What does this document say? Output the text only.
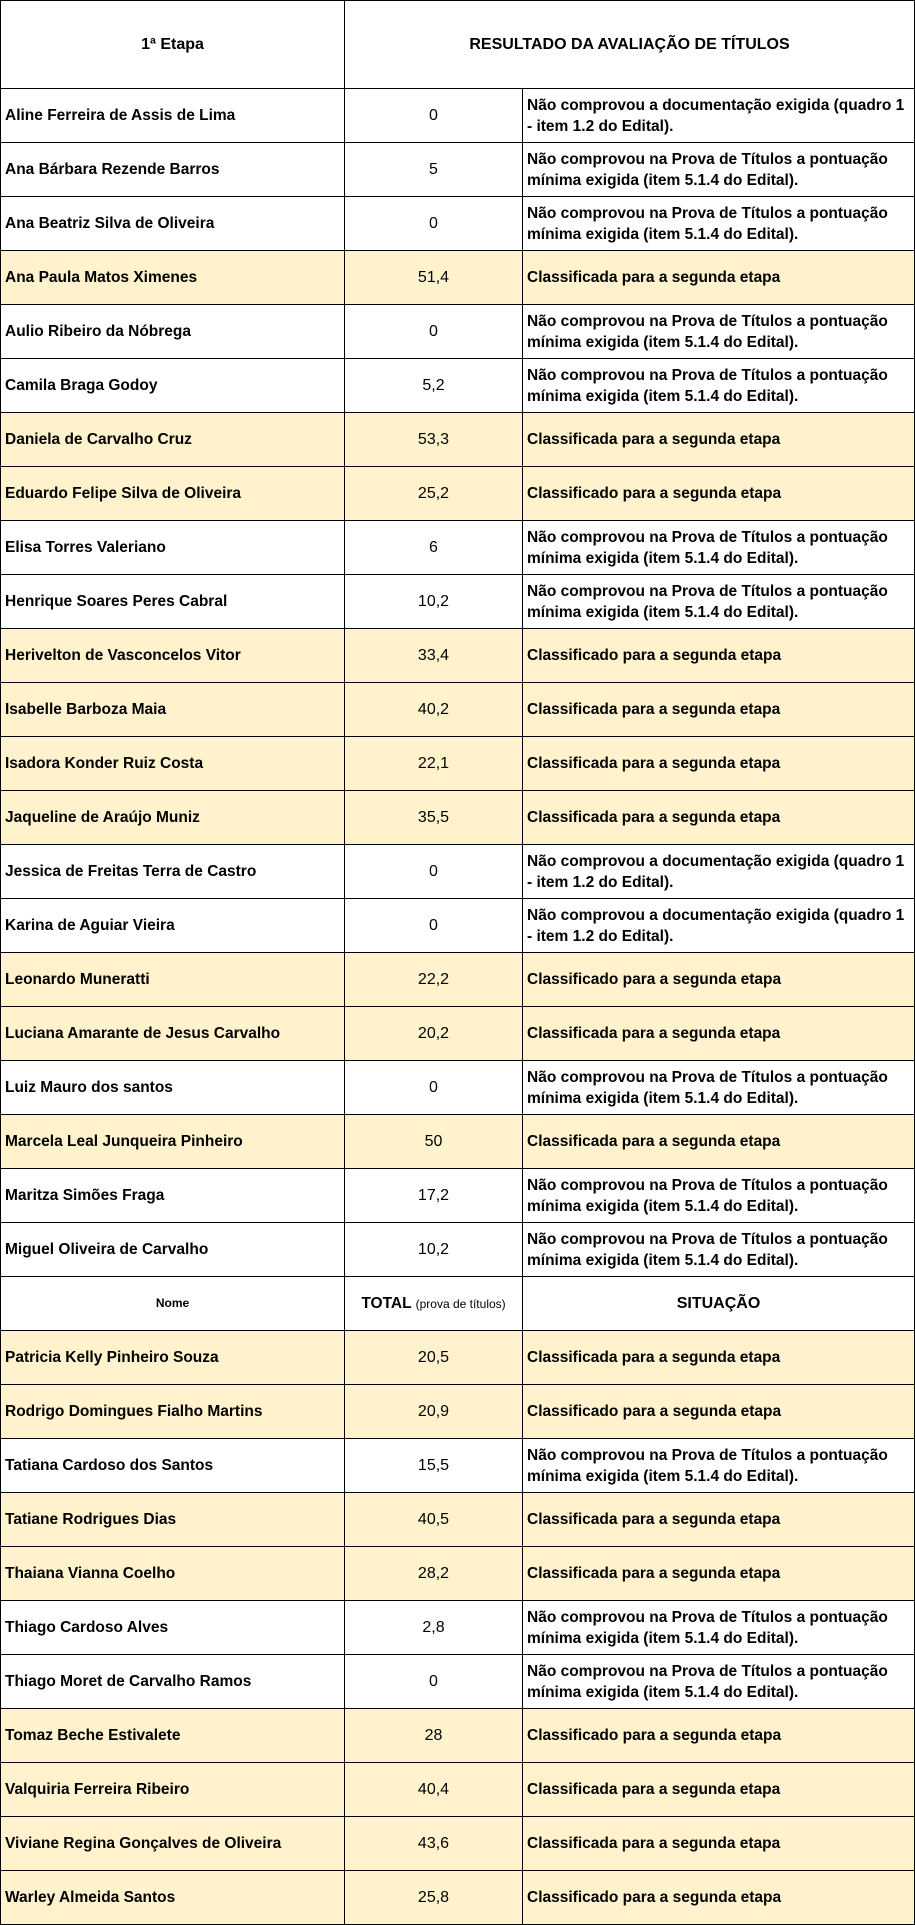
1ª Etapa	RESULTADO DA AVALIAÇÃO DE TÍTULOS	
Aline Ferreira de Assis de Lima	0	Não comprovou a documentação exigida (quadro 1 - item 1.2 do Edital).
Ana Bárbara Rezende Barros	5	Não comprovou na Prova de Títulos a pontuação mínima exigida (item 5.1.4 do Edital).
Ana Beatriz Silva de Oliveira	0	Não comprovou na Prova de Títulos a pontuação mínima exigida (item 5.1.4 do Edital).
Ana Paula Matos Ximenes	51,4	Classificada para a segunda etapa
Aulio Ribeiro da Nóbrega	0	Não comprovou na Prova de Títulos a pontuação mínima exigida (item 5.1.4 do Edital).
Camila Braga Godoy	5,2	Não comprovou na Prova de Títulos a pontuação mínima exigida (item 5.1.4 do Edital).
Daniela de Carvalho Cruz	53,3	Classificada para a segunda etapa
Eduardo Felipe Silva de Oliveira	25,2	Classificado para a segunda etapa
Elisa Torres Valeriano	6	Não comprovou na Prova de Títulos a pontuação mínima exigida (item 5.1.4 do Edital).
Henrique Soares Peres Cabral	10,2	Não comprovou na Prova de Títulos a pontuação mínima exigida (item 5.1.4 do Edital).
Herivelton de Vasconcelos Vitor	33,4	Classificado para a segunda etapa
Isabelle Barboza Maia	40,2	Classificada para a segunda etapa
Isadora Konder Ruiz Costa	22,1	Classificada para a segunda etapa
Jaqueline de Araújo Muniz	35,5	Classificada para a segunda etapa
Jessica de Freitas Terra de Castro	0	Não comprovou a documentação exigida (quadro 1 - item 1.2 do Edital).
Karina de Aguiar Vieira	0	Não comprovou a documentação exigida (quadro 1 - item 1.2 do Edital).
Leonardo Muneratti	22,2	Classificado para a segunda etapa
Luciana Amarante de Jesus Carvalho	20,2	Classificada para a segunda etapa
Luiz Mauro dos santos	0	Não comprovou na Prova de Títulos a pontuação mínima exigida (item 5.1.4 do Edital).
Marcela Leal Junqueira Pinheiro	50	Classificada para a segunda etapa
Maritza Simões Fraga	17,2	Não comprovou na Prova de Títulos a pontuação mínima exigida (item 5.1.4 do Edital).
Miguel Oliveira de Carvalho	10,2	Não comprovou na Prova de Títulos a pontuação mínima exigida (item 5.1.4 do Edital).
Nome	TOTAL (prova de títulos)	SITUAÇÃO
Patricia Kelly Pinheiro Souza	20,5	Classificada para a segunda etapa
Rodrigo Domingues Fialho Martins	20,9	Classificado para a segunda etapa
Tatiana Cardoso dos Santos	15,5	Não comprovou na Prova de Títulos a pontuação mínima exigida (item 5.1.4 do Edital).
Tatiane Rodrigues Dias	40,5	Classificada para a segunda etapa
Thaiana Vianna Coelho	28,2	Classificada para a segunda etapa
Thiago Cardoso Alves	2,8	Não comprovou na Prova de Títulos a pontuação mínima exigida (item 5.1.4 do Edital).
Thiago Moret de Carvalho Ramos	0	Não comprovou na Prova de Títulos a pontuação mínima exigida (item 5.1.4 do Edital).
Tomaz Beche Estivalete	28	Classificado para a segunda etapa
Valquiria Ferreira Ribeiro	40,4	Classificada para a segunda etapa
Viviane Regina Gonçalves de Oliveira	43,6	Classificada para a segunda etapa
Warley Almeida Santos	25,8	Classificado para a segunda etapa
